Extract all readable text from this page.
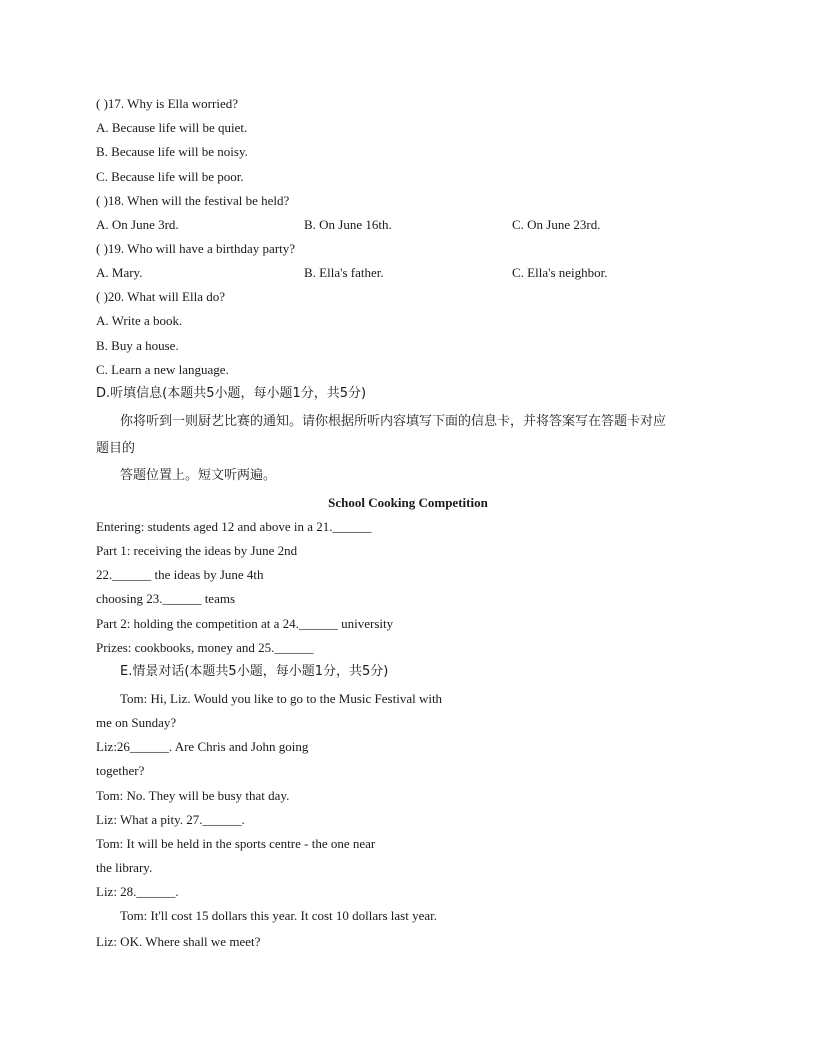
( )17. Why is Ella worried?
A. Because life will be quiet.
B. Because life will be noisy.
C. Because life will be poor.
( )18. When will the festival be held?
A. On June 3rd.	B. On June 16th.	C. On June 23rd.
( )19. Who will have a birthday party?
A. Mary.	B. Ella's father.	C. Ella's neighbor.
( )20. What will Ella do?
A. Write a book.
B. Buy a house.
C. Learn a new language.
D.听填信息(本题共5小题，每小题1分，共5分)
你将听到一则厨艺比赛的通知。请你根据所听内容填写下面的信息卡，并将答案写在答题卡对应
题目的
答题位置上。短文听两遍。
School Cooking Competition
Entering: students aged 12 and above in a 21.______
Part 1: receiving the ideas by June 2nd
22.______ the ideas by June 4th
choosing 23.______ teams
Part 2: holding the competition at a 24.______ university
Prizes: cookbooks, money and 25.______
E.情景对话(本题共5小题，每小题1分，共5分)
Tom: Hi, Liz. Would you like to go to the Music Festival with
me on Sunday?
Liz:26______. Are Chris and John going
together?
Tom: No. They will be busy that day.
Liz: What a pity. 27.______.
Tom: It will be held in the sports centre - the one near
the library.
Liz: 28.______.
Tom: It'll cost 15 dollars this year. It cost 10 dollars last year.
Liz: OK. Where shall we meet?
